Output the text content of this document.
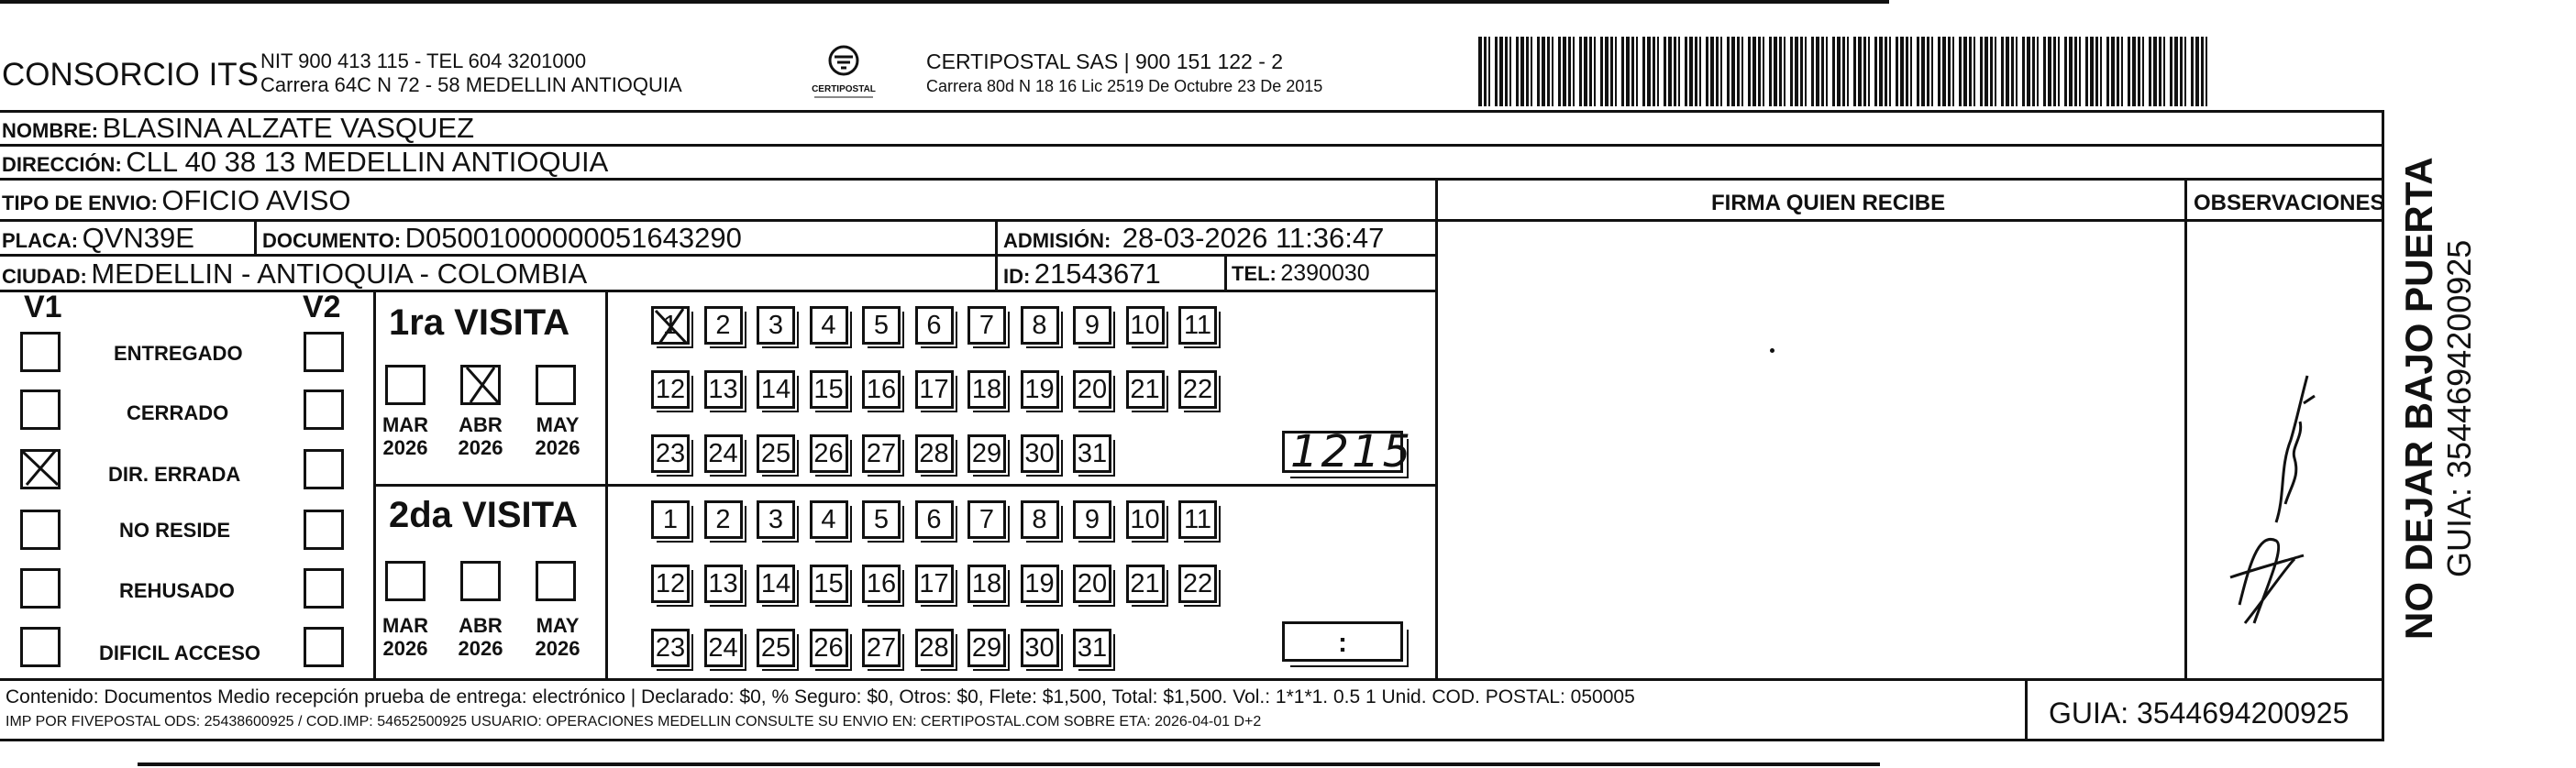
CONSORCIO ITS NIT 900 413 115 - TEL 604 3201000
Carrera 64C N 72 - 58 MEDELLIN ANTIOQUIA	CERTIPOSTAL
CERTIPOSTAL SAS | 900 151 122 - 2
Carrera 80d N 18 16 Lic 2519 De Octubre 23 De 2015
NOMBRE: BLASINA ALZATE VASQUEZ
DIRECCIÓN: CLL 40 38 13 MEDELLIN ANTIOQUIA
TIPO DE ENVIO: OFICIO AVISO	FIRMA QUIEN RECIBE	OBSERVACIONES
PLACA: QVN39E	DOCUMENTO: D05001000000051643290	ADMISIÓN: 28-03-2026 11:36:47
CIUDAD: MEDELLIN - ANTIOQUIA - COLOMBIA	ID: 21543671	TEL: 2390030
V1	V2
ENTREGADO
CERRADO
DIR. ERRADA
NO RESIDE
REHUSADO
DIFICIL ACCESO
1ra VISITA
MAR
2026
ABR
2026
MAY
2026
1 2 3 4 5 6 7 8 9 10 11
12 13 14 15 16 17 18 19 20 21 22
23 24 25 26 27 28 29 30 31	1215
2da VISITA
MAR
2026
ABR
2026
MAY
2026
1 2 3 4 5 6 7 8 9 10 11
12 13 14 15 16 17 18 19 20 21 22
23 24 25 26 27 28 29 30 31	:
Contenido: Documentos Medio recepción prueba de entrega: electrónico | Declarado: $0, % Seguro: $0, Otros: $0, Flete: $1,500, Total: $1,500. Vol.: 1*1*1. 0.5 1 Unid. COD. POSTAL: 050005
IMP POR FIVEPOSTAL ODS: 25438600925 / COD.IMP: 54652500925 USUARIO: OPERACIONES MEDELLIN CONSULTE SU ENVIO EN: CERTIPOSTAL.COM SOBRE ETA: 2026-04-01 D+2	GUIA: 3544694200925
NO DEJAR BAJO PUERTA GUIA: 3544694200925
